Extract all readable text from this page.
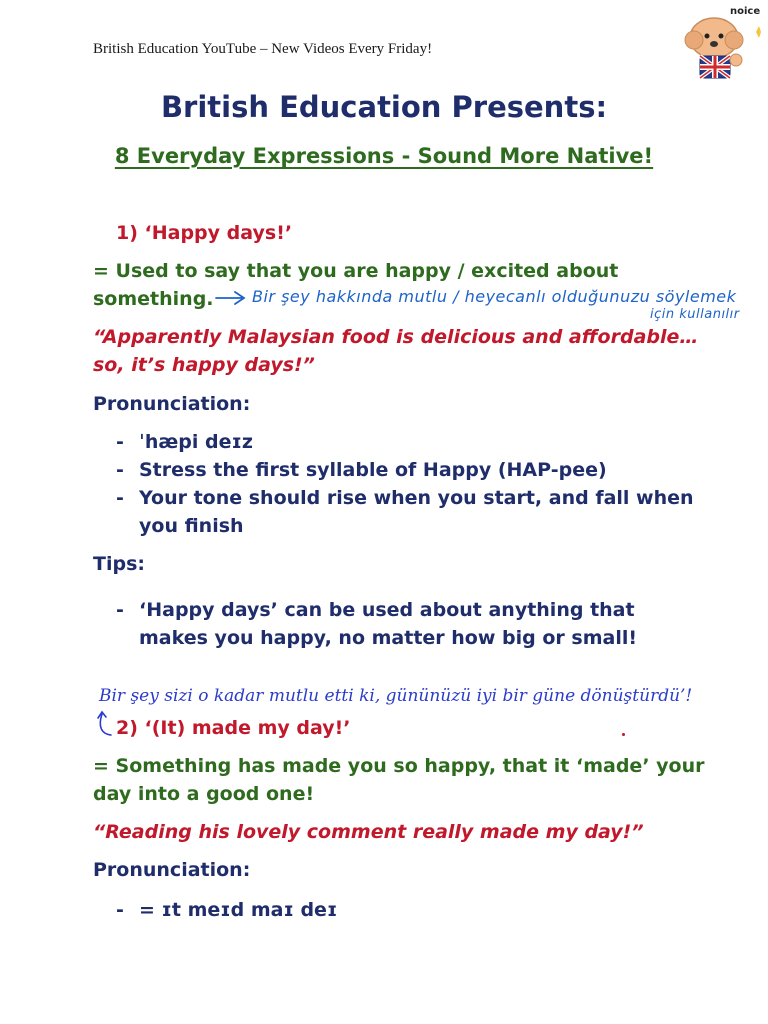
British Education YouTube – New Videos Every Friday!
noice
British Education Presents:
8 Everyday Expressions - Sound More Native!
1) ‘Happy days!’
= Used to say that you are happy / excited about
something. Bir şey hakkında mutlu / heyecanlı olduğunuzu söylemek
için kullanılır
“Apparently Malaysian food is delicious and affordable…
so, it’s happy days!”
Pronunciation:
- ˈhæpi deɪz
- Stress the first syllable of Happy (HAP-pee)
- Your tone should rise when you start, and fall when
you finish
Tips:
- ‘Happy days’ can be used about anything that
makes you happy, no matter how big or small!
Bir şey sizi o kadar mutlu etti ki, gününüzü iyi bir güne dönüştürdü’!
2) ‘(It) made my day!’
= Something has made you so happy, that it ‘made’ your
day into a good one!
“Reading his lovely comment really made my day!”
Pronunciation:
- = ɪt meɪd maɪ deɪ
